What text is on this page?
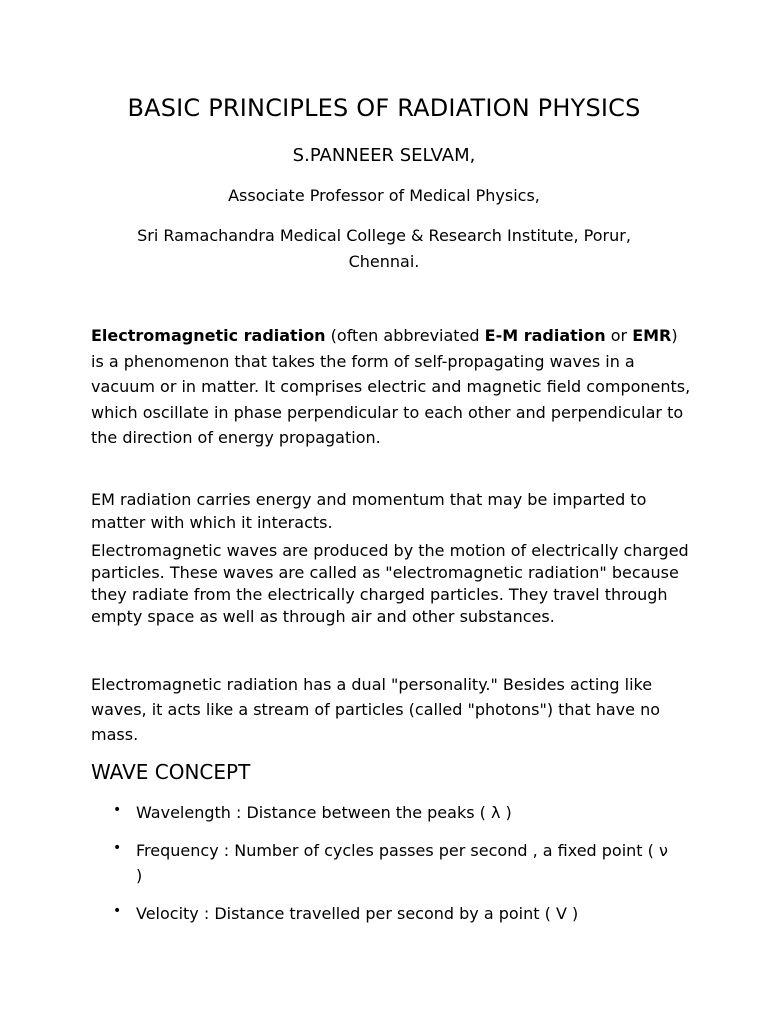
BASIC PRINCIPLES OF RADIATION PHYSICS

S.PANNEER SELVAM,

Associate Professor of Medical Physics,

Sri Ramachandra Medical College & Research Institute, Porur, Chennai.

Electromagnetic radiation (often abbreviated E-M radiation or EMR) is a phenomenon that takes the form of self-propagating waves in a vacuum or in matter. It comprises electric and magnetic field components, which oscillate in phase perpendicular to each other and perpendicular to the direction of energy propagation.

EM radiation carries energy and momentum that may be imparted to matter with which it interacts.

Electromagnetic waves are produced by the motion of electrically charged particles. These waves are called as "electromagnetic radiation" because they radiate from the electrically charged particles. They travel through empty space as well as through air and other substances.

Electromagnetic radiation has a dual "personality." Besides acting like waves, it acts like a stream of particles (called "photons") that have no mass.

WAVE CONCEPT
• Wavelength : Distance between the peaks ( λ )
• Frequency : Number of cycles passes per second , a fixed point ( ν )
• Velocity : Distance travelled per second by a point ( V )
